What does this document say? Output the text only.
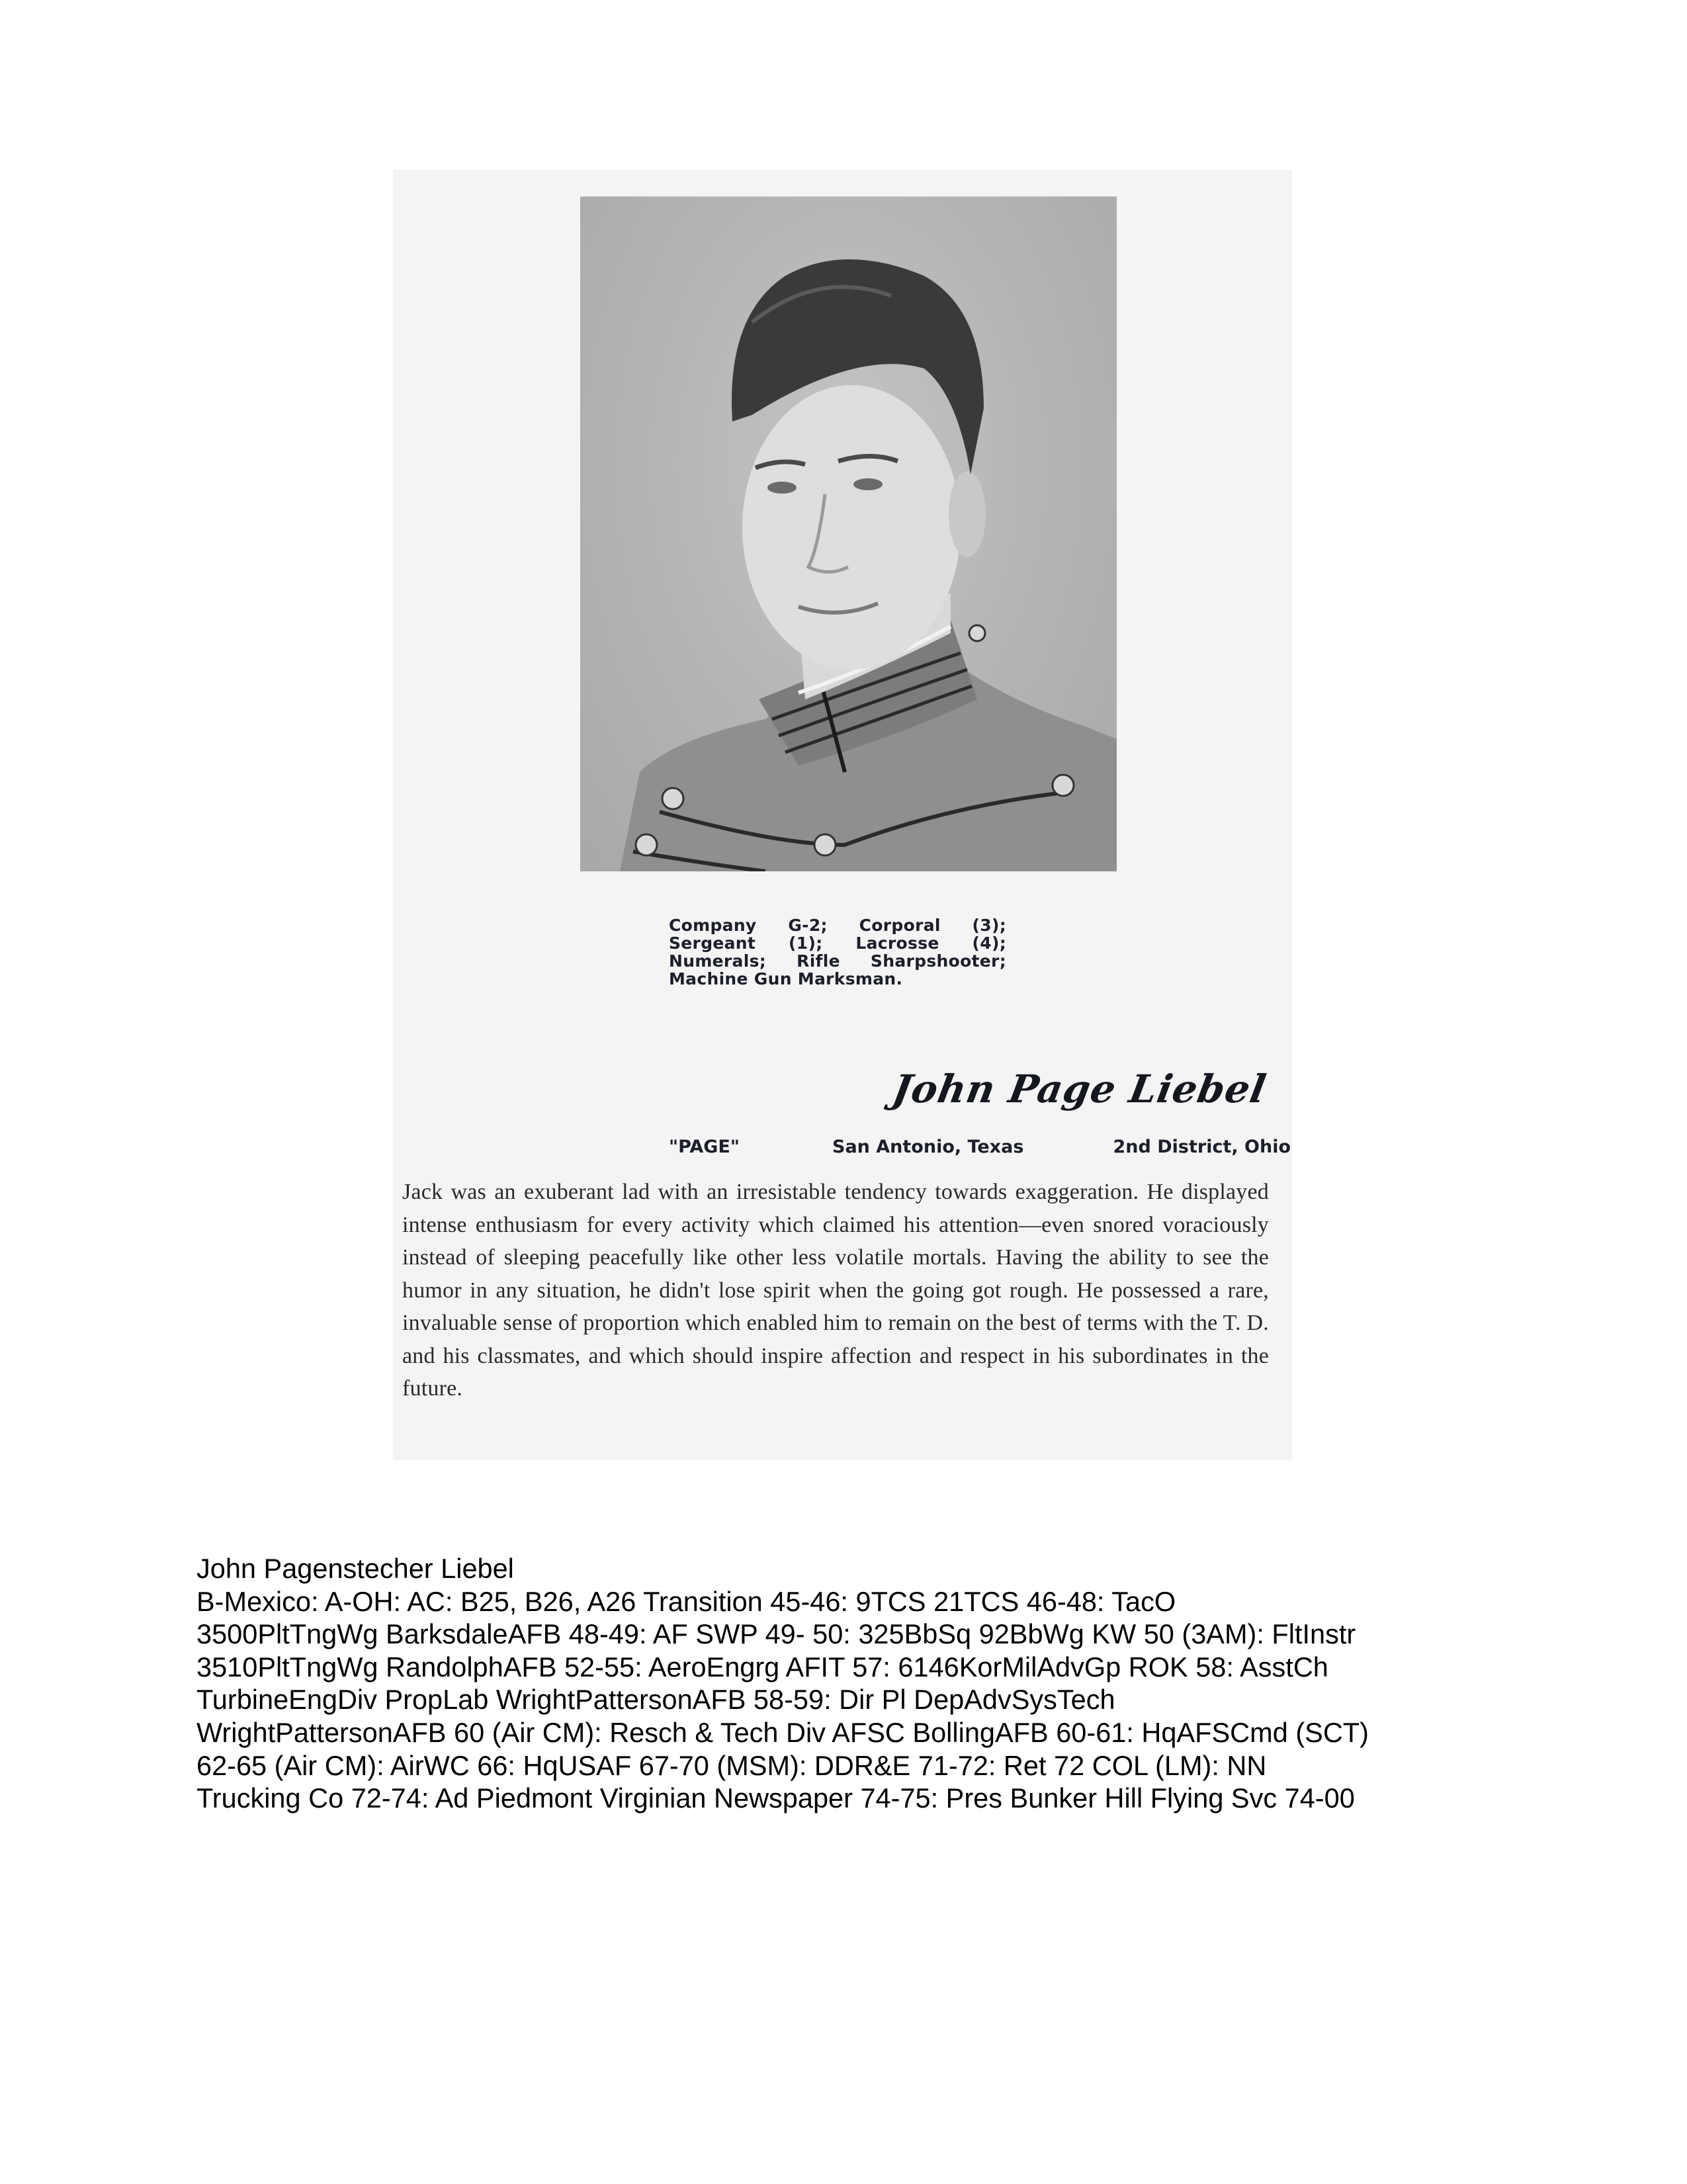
Company G-2; Corporal (3); Sergeant (1); Lacrosse (4); Numerals; Rifle Sharpshooter; Machine Gun Marksman.
John Page Liebel
"PAGE"	San Antonio, Texas	2nd District, Ohio
Jack was an exuberant lad with an irresistable tendency towards exaggeration. He displayed intense enthusiasm for every activity which claimed his attention—even snored voraciously instead of sleeping peacefully like other less volatile mortals. Having the ability to see the humor in any situation, he didn't lose spirit when the going got rough. He possessed a rare, invaluable sense of proportion which enabled him to remain on the best of terms with the T. D. and his classmates, and which should inspire affection and respect in his subordinates in the future.
John Pagenstecher Liebel
B-Mexico: A-OH: AC: B25, B26, A26 Transition 45-46: 9TCS 21TCS 46-48: TacO
3500PltTngWg BarksdaleAFB 48-49: AF SWP 49- 50: 325BbSq 92BbWg KW 50 (3AM): FltInstr
3510PltTngWg RandolphAFB 52-55: AeroEngrg AFIT 57: 6146KorMilAdvGp ROK 58: AsstCh
TurbineEngDiv PropLab WrightPattersonAFB 58-59: Dir Pl DepAdvSysTech
WrightPattersonAFB 60 (Air CM): Resch & Tech Div AFSC BollingAFB 60-61: HqAFSCmd (SCT)
62-65 (Air CM): AirWC 66: HqUSAF 67-70 (MSM): DDR&E 71-72: Ret 72 COL (LM): NN
Trucking Co 72-74: Ad Piedmont Virginian Newspaper 74-75: Pres Bunker Hill Flying Svc 74-00
